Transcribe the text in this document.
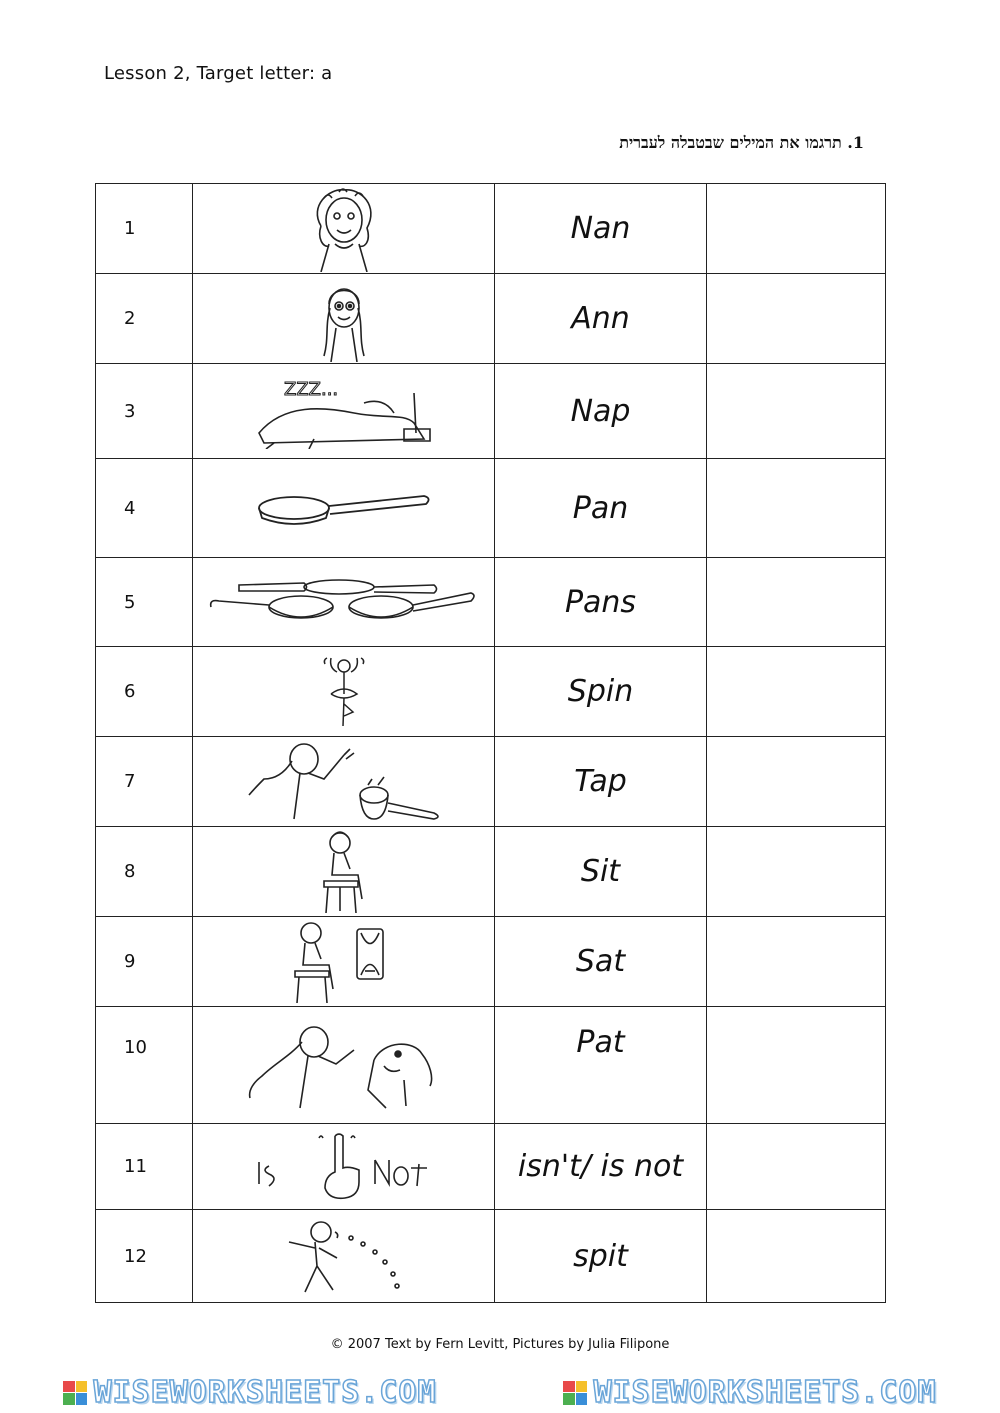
Lesson 2, Target letter: a
1. תרגמו את המילים שבטבלה לעברית
1		Nan	
2		Ann	
3	ZZZ...	Nap	
4		Pan	
5		Pans	
6		Spin	
7		Tap	
8		Sit	
9		Sat	
10		Pat	
11		isn't/ is not	
12		spit	
© 2007 Text by Fern Levitt, Pictures by Julia Filipone
WISEWORKSHEETS.COM	WISEWORKSHEETS.COM
